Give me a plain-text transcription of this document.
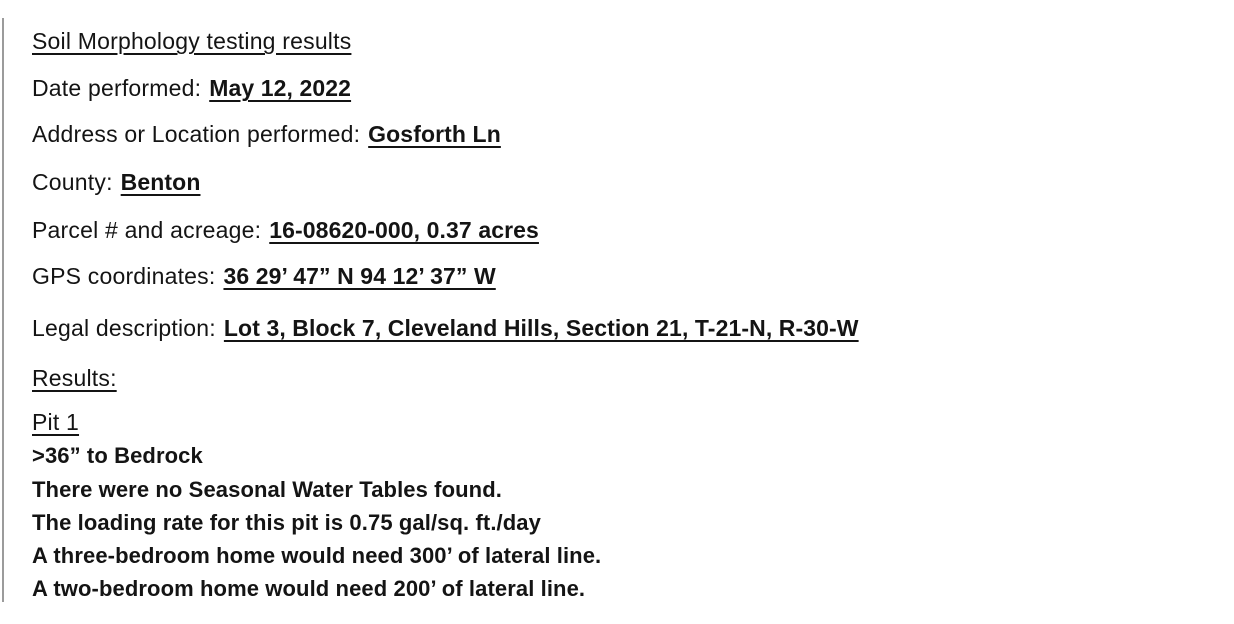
Soil Morphology testing results
Date performed: May 12, 2022
Address or Location performed: Gosforth Ln
County: Benton
Parcel # and acreage: 16-08620-000, 0.37 acres
GPS coordinates: 36 29’ 47” N 94 12’ 37” W
Legal description: Lot 3, Block 7, Cleveland Hills, Section 21, T-21-N, R-30-W
Results:
Pit 1
>36” to Bedrock
There were no Seasonal Water Tables found.
The loading rate for this pit is 0.75 gal/sq. ft./day
A three-bedroom home would need 300’ of lateral line.
A two-bedroom home would need 200’ of lateral line.
